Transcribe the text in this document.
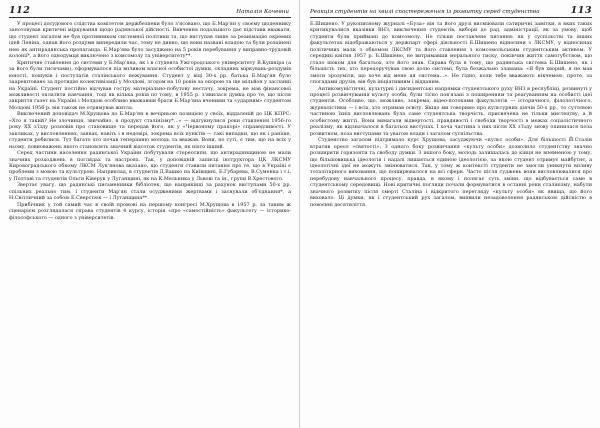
112	Наталія Кочевни

У процесі досудового слідства комітетом держбезпеки було з'ясовано, що Б.Мар'ян у своєму щоденнику занотовував критичні міркування щодо радянської дійсності. Вивчення подальшого дає підстави вважати, що студент загалом не був противником системної політики та, що виступав лише за реанімацію окремих ідей Леніна, однак його роздуми випередили час, тому не дивно, що вони названі владою та були розцінені нею як антирадянська пропаганда. Б.Мар'ява було засуджено на 5 років перебування у виправно-трудовій колонії*, а його однодумця виключено з комсомолу та університету**.

Критичне ставлення до системи у Б.Мар'яна, як і в студента Ужгородського університету В.Кушніра (а за його були тисячами), сформувалося під впливом власної особистої думки, складних міркувань-роздумів юності, пошуків і постулатів сталінського нежування. Студент у віці 30-х рр. батька Б.Мар'ян було заарештовано за протидію колективізації у Молдові, згодом на 10 років за опорою та ще мільйон у засланні на Україні. Студент постійно відчував гостру матеріально-побутову нестачу, зокрема, не мав фінансової можливості оплатити навчання, тоді як кілька років по тому, в 1955 р. з'явилася думка про те, що після закриття газет на Україні і Молдові особливо вважавши брати Б.Мар'яна вченими та «ударним» студентом Молдові 1956 р. він також не отримував житла.

Виключений доповідач М.Хрущова до Б.Мар'ян в вечірньою позицією у своїх, віддаленій до ЦК КПРС: «Хто я такий? Не злочинця, звичайно, я продукт сталінізму*...» — відгукнулися роки ставлення 1956-го року XX з'їзду розповів про становище та передав його, як у «Червоному прапорі» справедливості. У закликах, у висловленнях, заявах, навіть і в недовірі, зокрема всіх пунктів — такі випадки, що як і раніше, студенти робилися. Тут багато хто почав теперішню молодь та вважав. Вони, по суті, є тим, що на всіх у ньому, повноважень якого становлять значний відсоток студентів, як ніхто інший.

Серед частини населення радянської України побутували стереотипи, що антирадянщиною не мали значних розходжень в поглядах та настроях. Так, у доповідній записці інструктора ЦК ЛКСМУ Кировоградського обкому ЛКСМ Лук'янова вказано, що студенти ставили питання про те, що в Україні є проблеми з мовою та культурою. Наприклад, в студентів Д.Вашко на Київщині, Б.Губарева, В.Суменка і т.і. у Полтаві та студентів Ольги Ківерук у Луганщині, як на К.Мельника у Львові та ін., групи В.Хрестового.

Звертає увагу, що радянські письменники бібліотек, що наприкінці за рахунок виступами 50-х рр. спільних реально тим, і студенти Мар'ян стали осудженими жертвами і заснували об'єднання*, а Н.Світличний за собою Е.Сверстюк — і Луганщина**.

Прибічник у той самий час в своїй промові на першому конгресі М.Хрущова в 1957 р. за таким ж сценарієм розглядалася справа студентів 4 курсу, історія «про «самостійність» факультету — історико-філософського — одного з університетів.

Реакція студентів на хвилі спостереження із розвитку серед студенства	113

Б.Шишено. У рукописному журналі «Буза» він та його друзі висміювали сатиричні замітки, в яких таких критикувалися вказівки ВНЗ, виключення студентів, вибори до рад, адміністрації, як за умову, щоб студенти були приймані до комсомолу. Не тільки поставлене питання: як у суспільстві та інших факультетах відображаються у держпарт сфері діяльності Б.Шишено відносини з ЛКСМУ, у відносинах політичних мали з обкомом ЛКСМУ та його ставлення з комсомольським студентським активом. У середині квітня 1957 р. Б.Шишено, не витримавши морального тиску, покінчив життя самогубством, що стало шоком для багатьох, хто його знав. Справа була в тому, що радянська система Б.Шишено, як і більшість тих, хто передоручував свою долю системі, була безжально зламана: «Я був хворий, я не мав змоги зрозуміти, що хоче від мене ця система...». Не гідно, коли тебе вважають нікчемою, проте, за спогадами друзів, він був ініціативним і відданим.

Антикомуністичні, культурні і дисидентські напрямки студентського руху ВНЗ в республіці, розвинуті у процесі розвінчування культу особи, були тісно пов'язані з поширенням та реагуванням на особисті ідеї студентів. Особливо, що, можливо, зокрема, відео-потоками факультетів — історичного, філологічного, журналістики — і всіх, хто отримав освіту. Якщо ми говоримо про культурних діячів 50-х рр., то суттєвою частиною їхніх висловлювань була саме студентська творчість, присвячена не тільки мистецтву, а й особистому житті. Вони вимагали відвертості, правдивості і свободи творчості в межах соціалістичного реалізму, як відзначалося в багатьох виступах. І хоча частина з них після XX з'їзду знову опинилася поза розвитком, поза виступами та увагою влади і загалом суспільства.

Студенство загалом підтримало курс Хрущова, засуджуючи «культ особи». Для більшості Й.Сталін втратив ореол «святості». З одного боку розвінчання «культу особи» дозволило студентству значно розширити горизонти та свободу думки. З іншого боку, молодь залишалась до кінця не впевненою у тому, що більшовицька ідеологія і надалі лишається єдиною ідеологією, за якою студент отримує майбутнє, а ідеологічні ідеї не можуть змінюватися. Так, у тому ж контексті студенти не змогли уникнути впливу тоталітарного виховання, що поширювалося на всі сфери. Часто після суджень вони висловлювалися про перебудову навчального процесу, правда, в якому і полягає суть зміни, що відбувається саме в студентському середовищі. Нові критичні погляди почали формуватися в останні роки сталінізму, набули значного розвитку після смерті Сталіна і відкритого перегляду «культу особи» як явища, що його виховало. Ці думки, як і студентський рух загалом, виявили незадоволення радянською дійсністю в повоєнні десятиліття.
